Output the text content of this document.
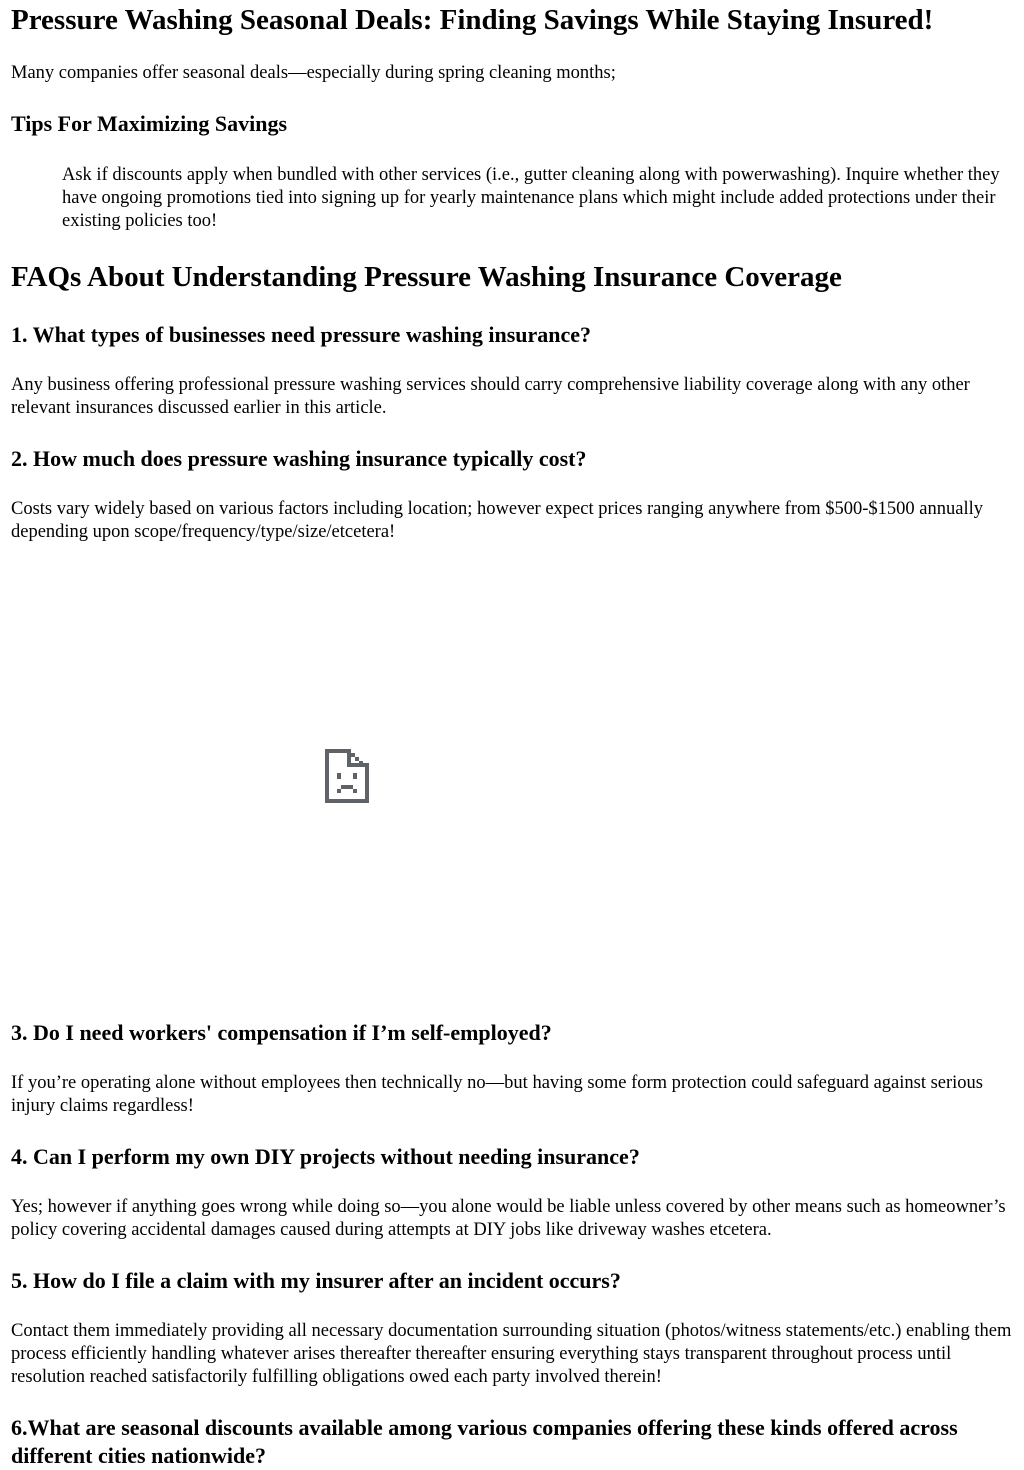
Pressure Washing Seasonal Deals: Finding Savings While Staying Insured!

Many companies offer seasonal deals—especially during spring cleaning months;

Tips For Maximizing Savings

Ask if discounts apply when bundled with other services (i.e., gutter cleaning along with powerwashing). Inquire whether they have ongoing promotions tied into signing up for yearly maintenance plans which might include added protections under their existing policies too!

FAQs About Understanding Pressure Washing Insurance Coverage
1. What types of businesses need pressure washing insurance?

Any business offering professional pressure washing services should carry comprehensive liability coverage along with any other relevant insurances discussed earlier in this article.

2. How much does pressure washing insurance typically cost?

Costs vary widely based on various factors including location; however expect prices ranging anywhere from $500-$1500 annually depending upon scope/frequency/type/size/etcetera!

3. Do I need workers' compensation if I’m self-employed?

If you’re operating alone without employees then technically no—but having some form protection could safeguard against serious injury claims regardless!

4. Can I perform my own DIY projects without needing insurance?

Yes; however if anything goes wrong while doing so—you alone would be liable unless covered by other means such as homeowner’s policy covering accidental damages caused during attempts at DIY jobs like driveway washes etcetera.

5. How do I file a claim with my insurer after an incident occurs?

Contact them immediately providing all necessary documentation surrounding situation (photos/witness statements/etc.) enabling them process efficiently handling whatever arises thereafter thereafter ensuring everything stays transparent throughout process until resolution reached satisfactorily fulfilling obligations owed each party involved therein!

6.What are seasonal discounts available among various companies offering these kinds offered across different cities nationwide?
